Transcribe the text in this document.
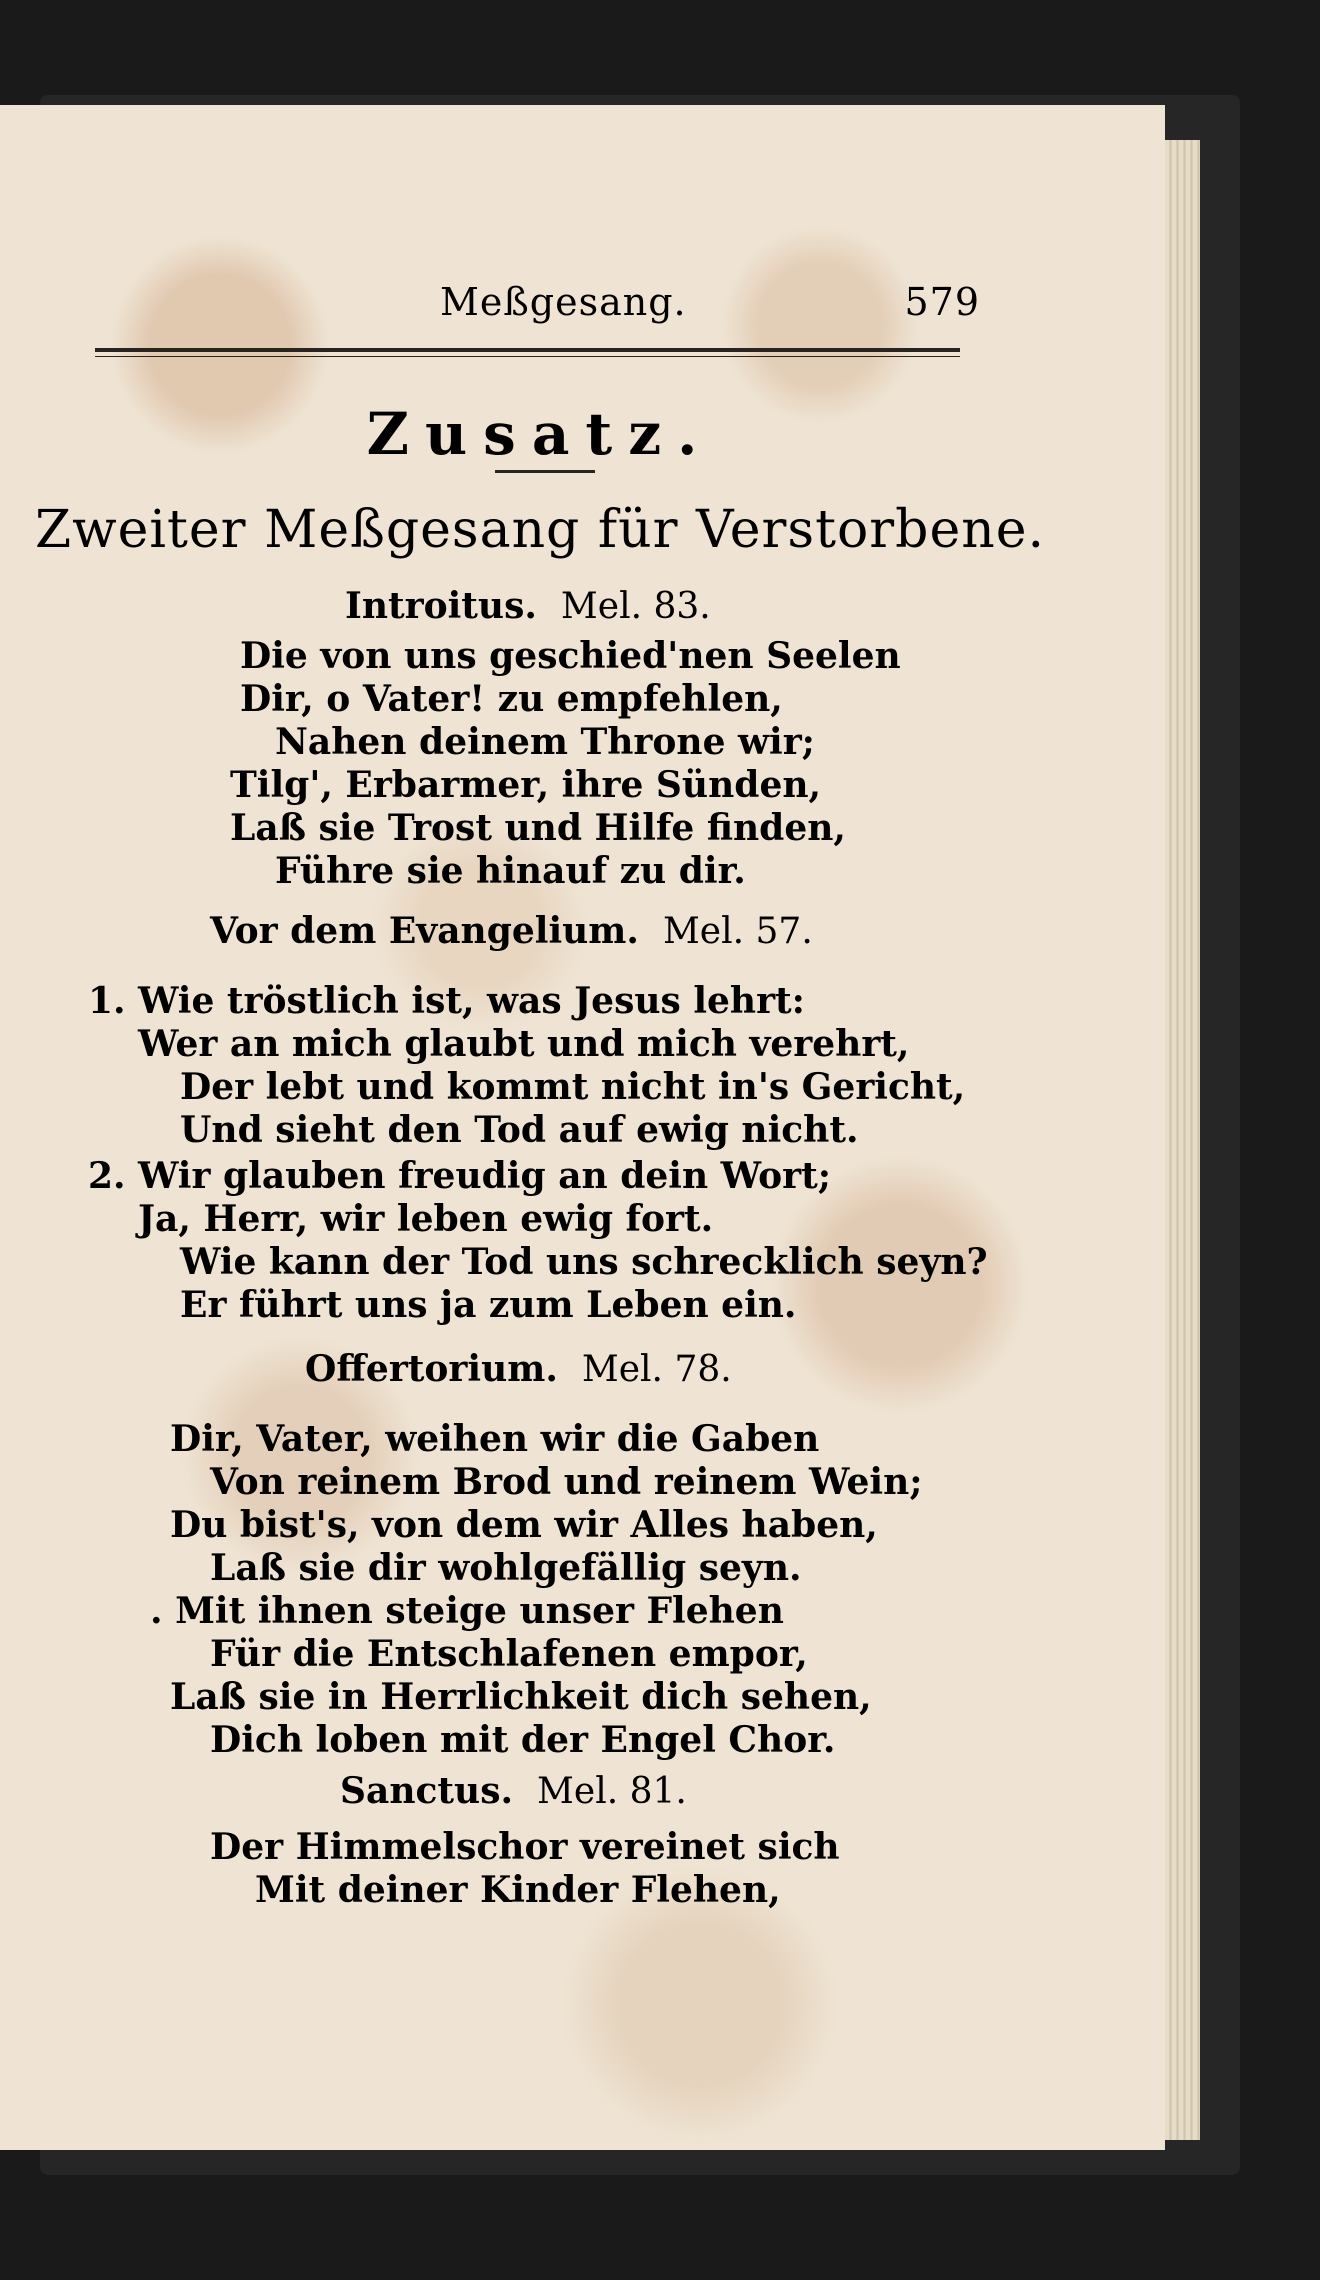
Meßgesang.	579
Zusatz.
Zweiter Meßgesang für Verstorbene.
Introitus. Mel. 83.
Die von uns geschied'nen Seelen
Dir, o Vater! zu empfehlen,
Nahen deinem Throne wir;
Tilg', Erbarmer, ihre Sünden,
Laß sie Trost und Hilfe finden,
Führe sie hinauf zu dir.
Vor dem Evangelium. Mel. 57.
1. Wie tröstlich ist, was Jesus lehrt:
Wer an mich glaubt und mich verehrt,
Der lebt und kommt nicht in's Gericht,
Und sieht den Tod auf ewig nicht.
2. Wir glauben freudig an dein Wort;
Ja, Herr, wir leben ewig fort.
Wie kann der Tod uns schrecklich seyn?
Er führt uns ja zum Leben ein.
Offertorium. Mel. 78.
Dir, Vater, weihen wir die Gaben
Von reinem Brod und reinem Wein;
Du bist's, von dem wir Alles haben,
Laß sie dir wohlgefällig seyn.
. Mit ihnen steige unser Flehen
Für die Entschlafenen empor,
Laß sie in Herrlichkeit dich sehen,
Dich loben mit der Engel Chor.
Sanctus. Mel. 81.
Der Himmelschor vereinet sich
Mit deiner Kinder Flehen,
